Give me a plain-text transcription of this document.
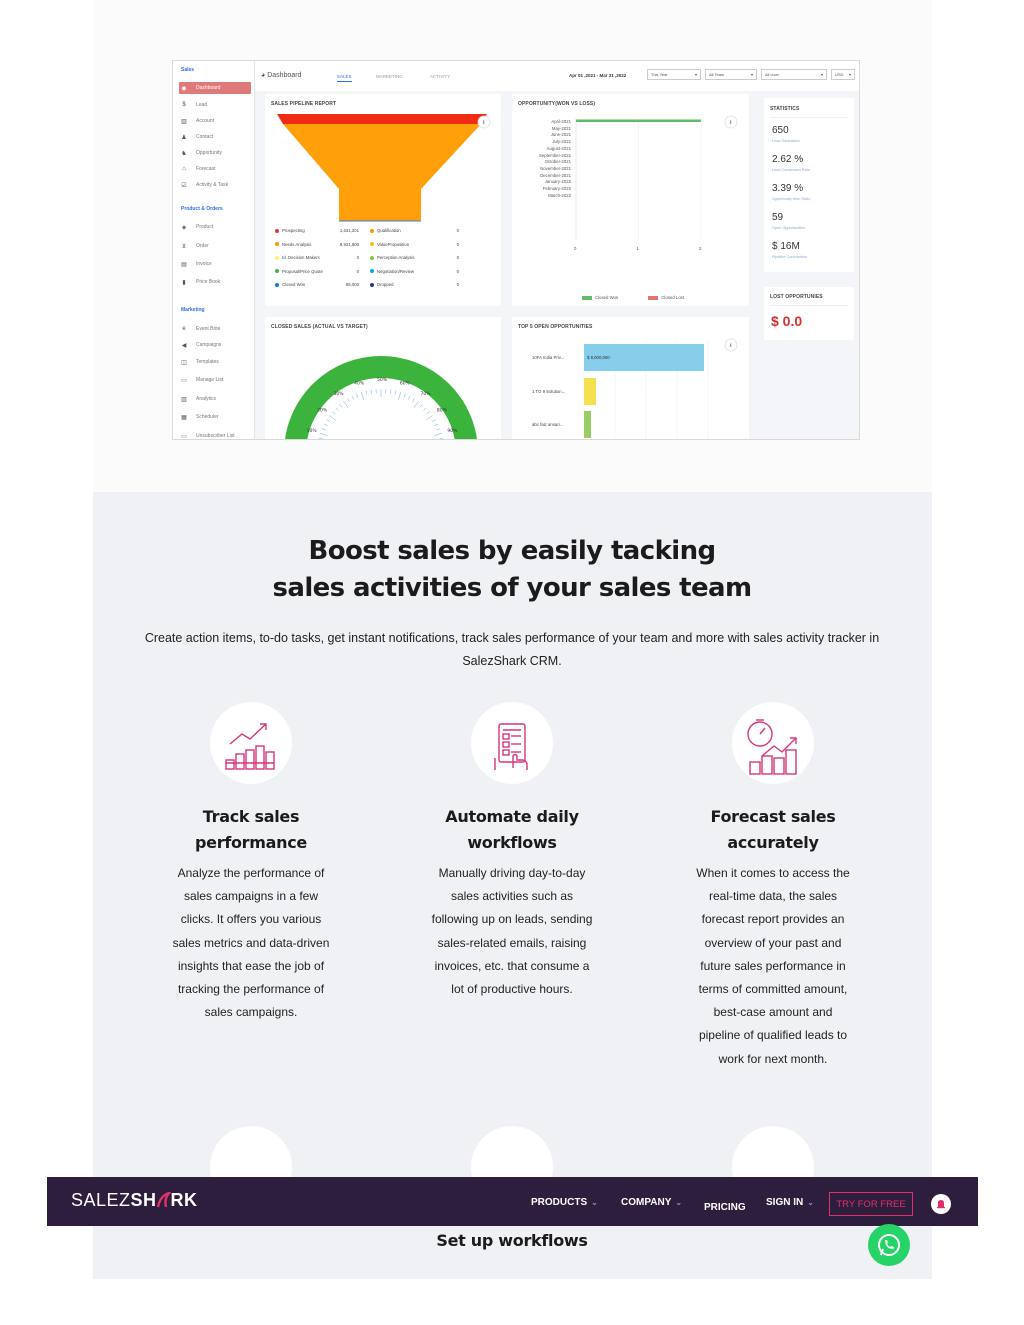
Sales
◉	Dashboard
$	Lead
▥	Account
♟	Contact
♞	Opportunity
⌂	Forecast
☑	Activity & Task
Product & Orders
◈	Product
⊻	Order
▤	Invoice
▮	Price Book
Marketing
e	Event Brite
◀	Campaigns
◫	Templates
▭	Manage List
▥	Analytics
▦	Scheduler
▭	Unsubscriber List
◕ Dashboard	SALES	MARKETING	ACTIVITY	Apr 01 ,2021 - Mar 31 ,2022	This Year ▾	All Team ▾	All User ▾	USD ▾
SALES PIPELINE REPORT
⬇
Prospecting	1,631,201	Qualification	0
Needs Analysis	8,921,800	ValueProposition	0
Id. Decision Makers	0	Perception Analysis	0
Proposal/Price Quote	0	Negotiation/Review	0
Closed Won	85,000	Dropped	0
OPPORTUNITY(WON VS LOSS)
⬇
April-2021
May-2021
June-2021
July-2021
August-2021
September-2021
October-2021
November-2021
December-2021
January-2022
February-2022
March-2022
0	1	2
Closed Won	Closed Lost
STATISTICS
650
Lead Generated
2.62 %
Lead Conversion Rate
3.39 %
Opportunity Won Ratio
59
Open Opportunities
$ 16M
Pipeline Contribution
LOST OPPORTUNIES
$ 0.0
CLOSED SALES (ACTUAL VS TARGET)
10%
20%
30%
40%
50%
60%
70%
80%
90%
TOP 5 OPEN OPPORTUNITIES
⬇
10FA India Priv...	$ 8,000,000
1 TO 9 Solution...
abc faiz ansari...
Boost sales by easily tacking
sales activities of your sales team
Create action items, to-do tasks, get instant notifications, track sales performance of your team and more with sales activity tracker in
SalezShark CRM.
Track sales
performance
Analyze the performance of
sales campaigns in a few
clicks. It offers you various
sales metrics and data-driven
insights that ease the job of
tracking the performance of
sales campaigns.
Automate daily
workflows
Manually driving day-to-day
sales activities such as
following up on leads, sending
sales-related emails, raising
invoices, etc. that consume a
lot of productive hours.
Forecast sales
accurately
When it comes to access the
real-time data, the sales
forecast report provides an
overview of your past and
future sales performance in
terms of committed amount,
best-case amount and
pipeline of qualified leads to
work for next month.
SALEZSH RK	PRODUCTS ⌄ COMPANY ⌄ PRICING SIGN IN ⌄	TRY FOR FREE
Set up workflows
